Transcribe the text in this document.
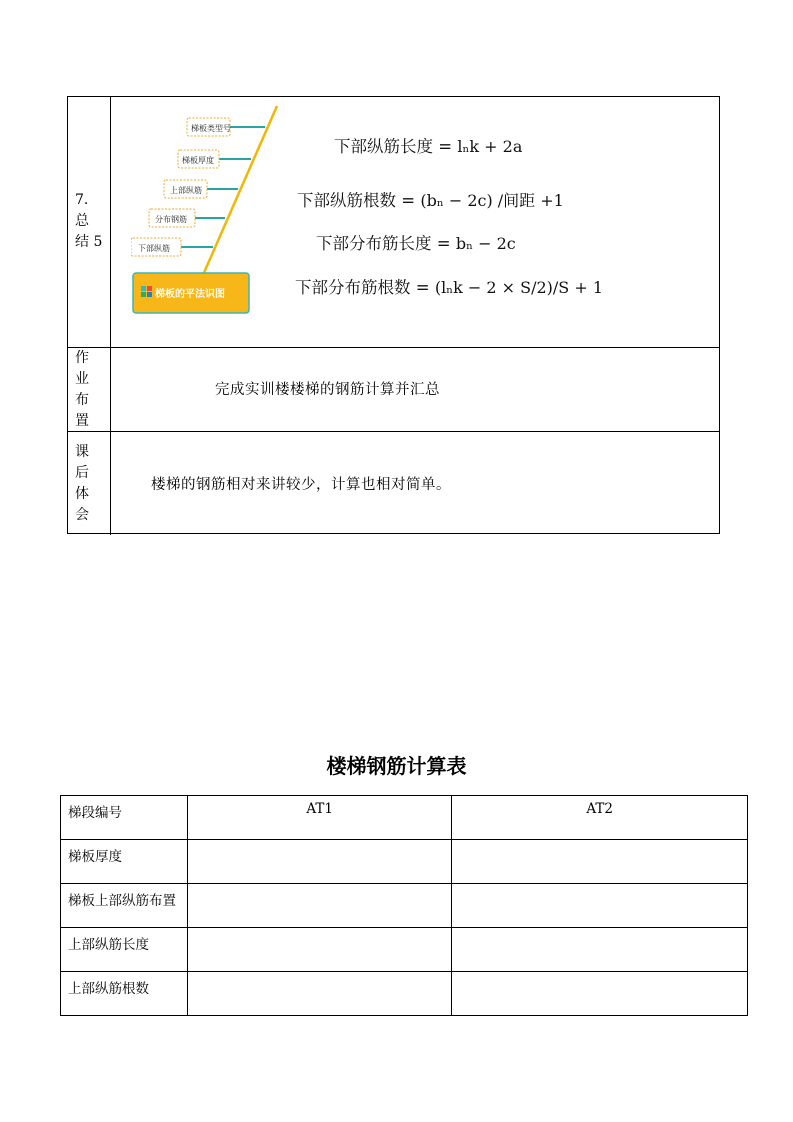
7.
总
结 5
梯板类型号
梯板厚度
上部纵筋
分布钢筋
下部纵筋
梯板的平法识图
下部纵筋长度 = lₙk + 2a
下部纵筋根数 = (bₙ − 2c) /间距 +1
下部分布筋长度 = bₙ − 2c
下部分布筋根数 = (lₙk − 2 × S/2)/S + 1
作
业
布
置
完成实训楼楼梯的钢筋计算并汇总
课
后
体
会
楼梯的钢筋相对来讲较少，计算也相对简单。
楼梯钢筋计算表
梯段编号	AT1	AT2
梯板厚度		
梯板上部纵筋布置		
上部纵筋长度		
上部纵筋根数		
